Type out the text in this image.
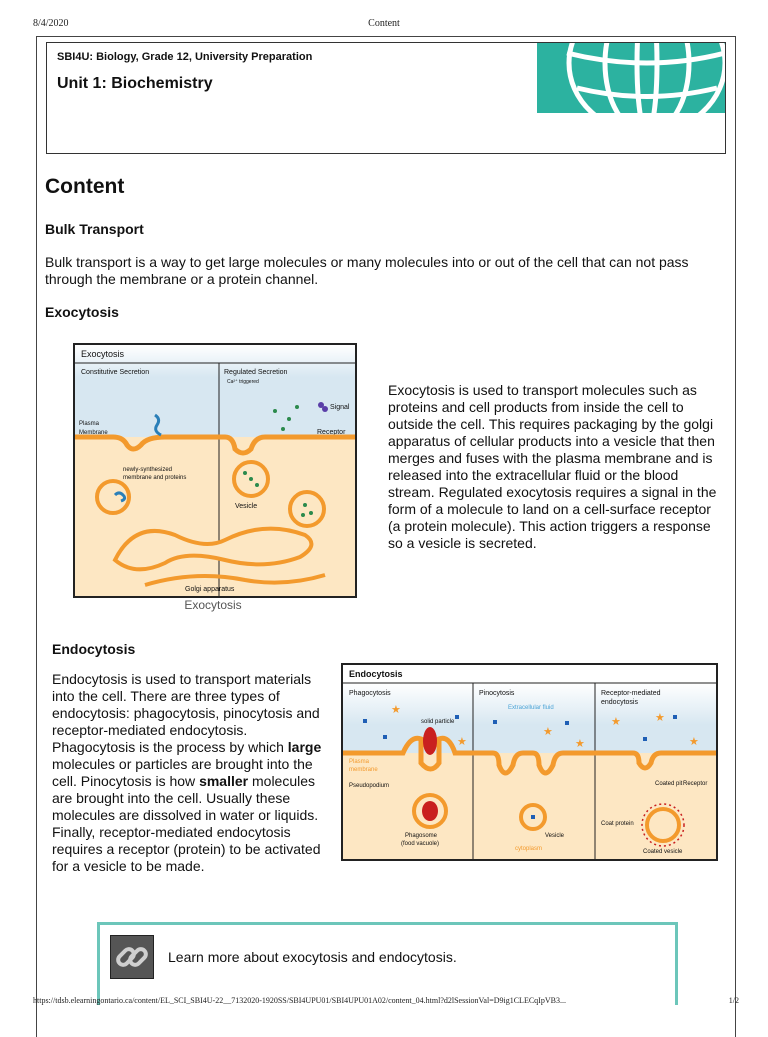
8/4/2020	Content
SBI4U: Biology, Grade 12, University Preparation
Unit 1: Biochemistry
Content
Bulk Transport
Bulk transport is a way to get large molecules or many molecules into or out of the cell that can not pass through the membrane or a protein channel.
Exocytosis
Exocytosis
Constitutive Secretion	Regulated Secretion
Ca²⁺ triggered
Signal
Plasma
Membrane	Receptor
newly-synthesized
membrane and proteins
Vesicle
Golgi apparatus
Exocytosis
Exocytosis is used to transport molecules such as proteins and cell products from inside the cell to outside the cell. This requires packaging by the golgi apparatus of cellular products into a vesicle that then merges and fuses with the plasma membrane and is released into the extracellular fluid or the blood stream. Regulated exocytosis requires a signal in the form of a molecule to land on a cell-surface receptor (a protein molecule). This action triggers a response so a vesicle is secreted.
Endocytosis
Endocytosis is used to transport materials into the cell. There are three types of endocytosis: phagocytosis, pinocytosis and receptor-mediated endocytosis. Phagocytosis is the process by which large molecules or particles are brought into the cell. Pinocytosis is how smaller molecules are brought into the cell. Usually these molecules are dissolved in water or liquids. Finally, receptor-mediated endocytosis requires a receptor (protein) to be activated for a vesicle to be made.
Endocytosis
Phagocytosis	Pinocytosis	Receptor-mediated
endocytosis
solid particle
Extracellular fluid
Plasma
membrane
Pseudopodium	Coated pit Receptor
Phagosome
(food vacuole)
Vesicle
cytoplasm
Coat protein
Coated vesicle
★
★
★
★
★	★
★
Learn more about exocytosis and endocytosis.
https://tdsb.elearningontario.ca/content/EL_SCI_SBI4U-22__7132020-1920SS/SBI4UPU01/SBI4UPU01A02/content_04.html?d2lSessionVal=D9ig1CLECqIpVB3...	1/2
